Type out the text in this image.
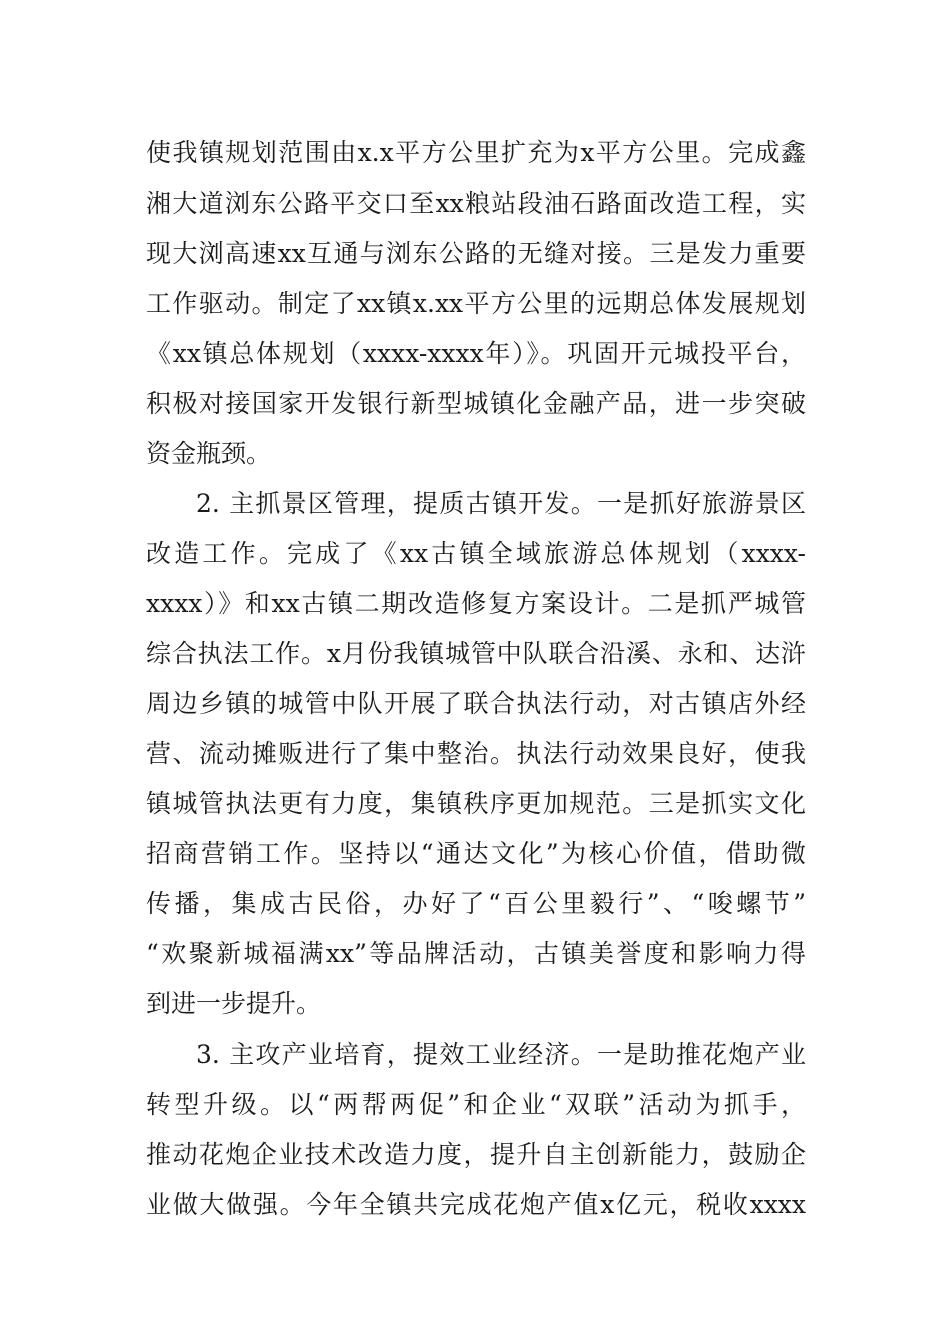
使我镇规划范围由x.x平方公里扩充为x平方公里。完成鑫
湘大道浏东公路平交口至xx粮站段油石路面改造工程，实
现大浏高速xx互通与浏东公路的无缝对接。三是发力重要
工作驱动。制定了xx镇x.xx平方公里的远期总体发展规划
《xx镇总体规划（xxxx-xxxx年）》。巩固开元城投平台，
积极对接国家开发银行新型城镇化金融产品，进一步突破
资金瓶颈。
2. 主抓景区管理，提质古镇开发。一是抓好旅游景区
改造工作。完成了《xx古镇全域旅游总体规划（xxxx-
xxxx）》和xx古镇二期改造修复方案设计。二是抓严城管
综合执法工作。x月份我镇城管中队联合沿溪、永和、达浒
周边乡镇的城管中队开展了联合执法行动，对古镇店外经
营、流动摊贩进行了集中整治。执法行动效果良好，使我
镇城管执法更有力度，集镇秩序更加规范。三是抓实文化
招商营销工作。坚持以“通达文化”为核心价值，借助微
传播，集成古民俗，办好了“百公里毅行”、“唆螺节”
“欢聚新城福满xx”等品牌活动，古镇美誉度和影响力得
到进一步提升。
3. 主攻产业培育，提效工业经济。一是助推花炮产业
转型升级。以“两帮两促”和企业“双联”活动为抓手，
推动花炮企业技术改造力度，提升自主创新能力，鼓励企
业做大做强。今年全镇共完成花炮产值x亿元，税收xxxx
